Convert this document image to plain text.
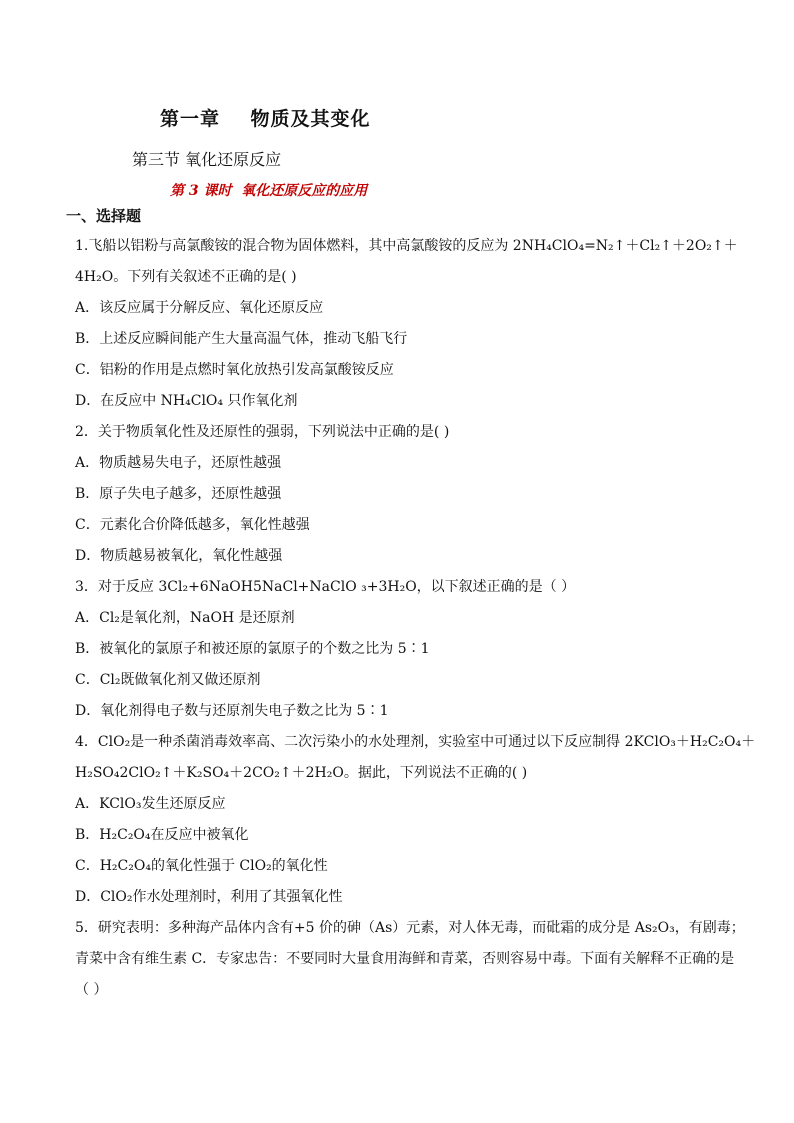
第一章    物质及其变化
第三节 氧化还原反应
第 3 课时  氧化还原反应的应用
一、选择题
1.飞船以铝粉与高氯酸铵的混合物为固体燃料，其中高氯酸铵的反应为 2NH₄ClO₄=N₂↑＋Cl₂↑＋2O₂↑＋
4H₂O。下列有关叙述不正确的是( )
A．该反应属于分解反应、氧化还原反应
B．上述反应瞬间能产生大量高温气体，推动飞船飞行
C．铝粉的作用是点燃时氧化放热引发高氯酸铵反应
D．在反应中 NH₄ClO₄ 只作氧化剂
2．关于物质氧化性及还原性的强弱，下列说法中正确的是( )
A．物质越易失电子，还原性越强
B．原子失电子越多，还原性越强
C．元素化合价降低越多，氧化性越强
D．物质越易被氧化，氧化性越强
3．对于反应 3Cl₂+6NaOH5NaCl+NaClO ₃+3H₂O，以下叙述正确的是（ ）
A．Cl₂是氧化剂，NaOH 是还原剂
B．被氧化的氯原子和被还原的氯原子的个数之比为 5∶1
C．Cl₂既做氧化剂又做还原剂
D．氧化剂得电子数与还原剂失电子数之比为 5∶1
4．ClO₂是一种杀菌消毒效率高、二次污染小的水处理剂，实验室中可通过以下反应制得 2KClO₃＋H₂C₂O₄＋
H₂SO₄2ClO₂↑＋K₂SO₄＋2CO₂↑＋2H₂O。据此，下列说法不正确的( )
A．KClO₃发生还原反应
B．H₂C₂O₄在反应中被氧化
C．H₂C₂O₄的氧化性强于 ClO₂的氧化性
D．ClO₂作水处理剂时，利用了其强氧化性
5．研究表明：多种海产品体内含有+5 价的砷（As）元素，对人体无毒，而砒霜的成分是 As₂O₃，有剧毒；
青菜中含有维生素 C．专家忠告：不要同时大量食用海鲜和青菜，否则容易中毒。下面有关解释不正确的是
（ ）
